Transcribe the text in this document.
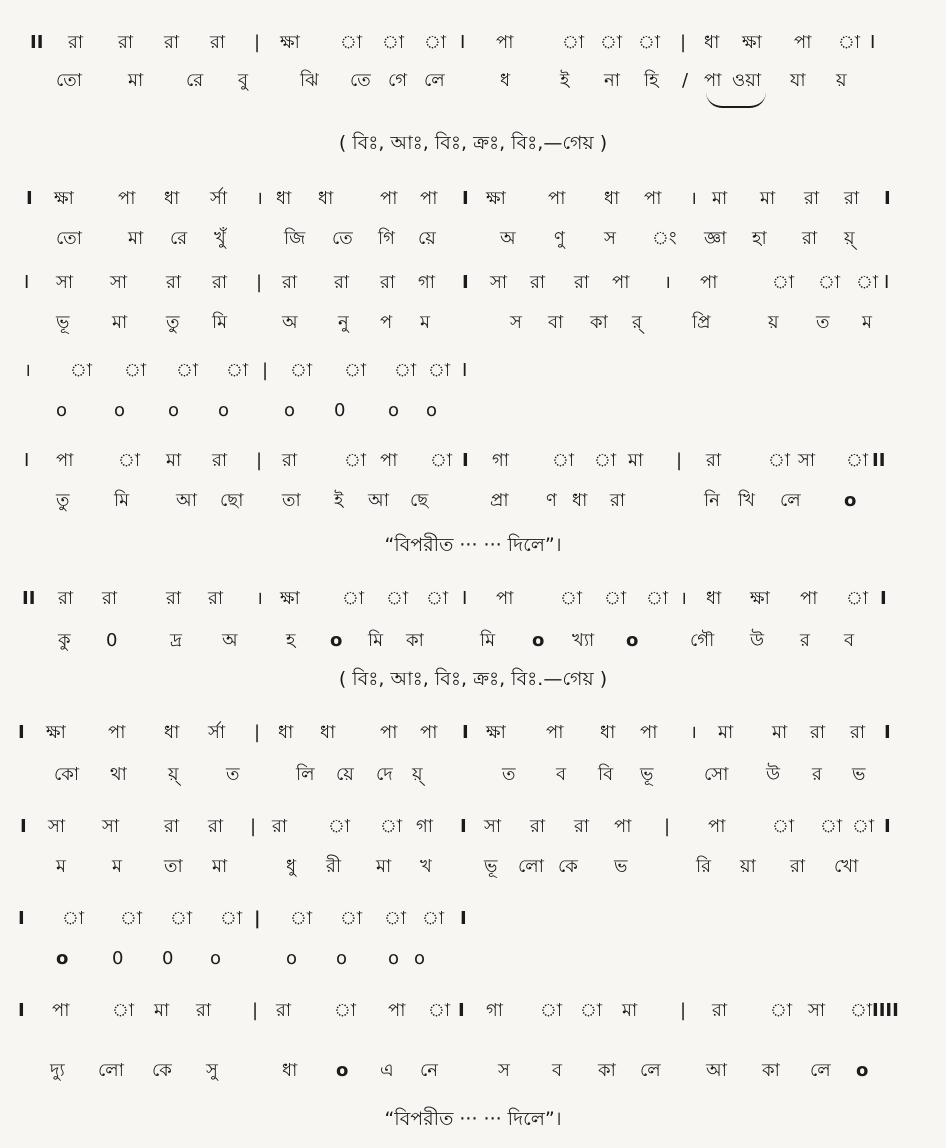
II রা রা রা রা | ক্ষা া া া I পা	া া া | ধা ক্ষা পা া I
তো	মা রে বু	ঝি তে গে লে	ধ	ই না হি / পা ওয়া যা য়
( বিঃ, আঃ, বিঃ, ক্রঃ, বিঃ,—গেয় )
I ক্ষা পা ধা র্সা । ধা ধা	পা পা I ক্ষা পা ধা পা । মা মা রা রা I
তো	মা রে খুঁ	জি তে গি য়ে	অ ণু স ং জ্ঞা হা রা য়্
I সা সা রা রা | রা রা রা গা I সা রা রা পা । পা	া া া I
ভূ মা তু মি	অ নু প ম	স বা কা র্	প্রি	য় ত ম
। া া া া | া া া া I
o	o o o	o 0 o o
I পা া মা রা | রা	া পা া I গা া া মা | রা	া সা া II
তু মি	আ ছো তা ই আ ছে	প্রা ণ ধা রা	নি খি লে o
“বিপরীত ··· ··· দিলে”।
II রা রা	রা রা । ক্ষা া া া I পা	া া া । ধা ক্ষা পা া I
কু 0	দ্র অ	হ o মি কা	মি o খ্যা o	গৌ উ র ব
( বিঃ, আঃ, বিঃ, ক্রঃ, বিঃ.—গেয় )
I ক্ষা পা ধা র্সা | ধা ধা পা পা I ক্ষা পা ধা পা । মা মা রা রা I
কো থা য়্	ত	লি য়ে দে য়্	ত ব বি ভূ	সো উ র ভ
I সা সা রা রা | রা া া গা I সা রা রা পা | পা	া া া I
ম	ম তা মা	ধু রী মা খ	ভূ লো কে ভ	রি য়া রা খো
I া া া া | া া া া I
o 0 0 o	o o o o
I পা া মা রা | রা া পা া I গা া া মা | রা া সা া IIII
দ্যু লো কে সু	ধা o এ নে	স ব কা লে	আ কা লে o
“বিপরীত ··· ··· দিলে”।
